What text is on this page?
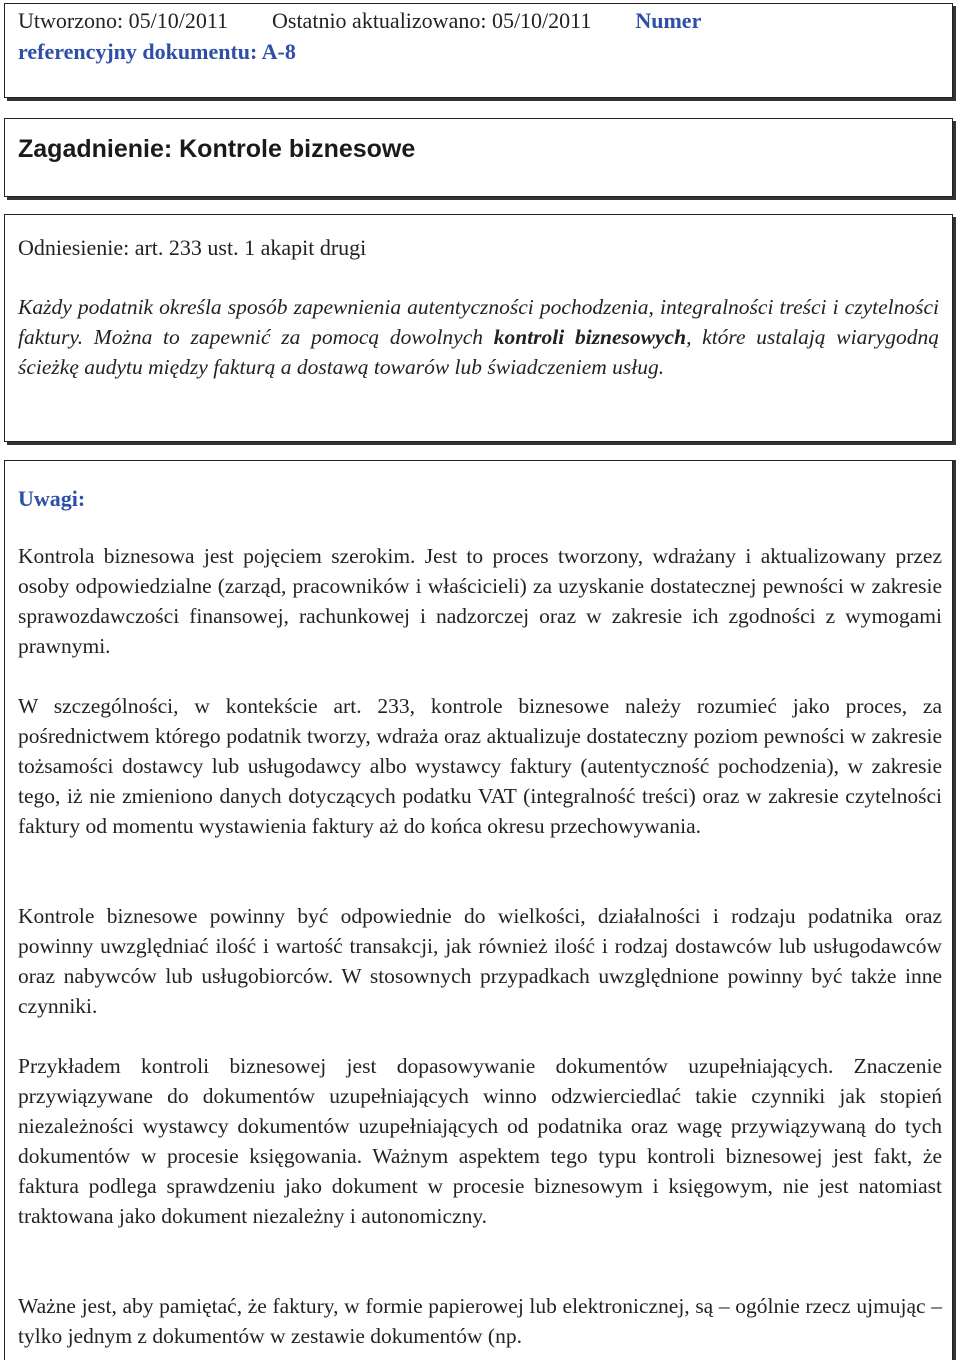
Utworzono: 05/10/2011 Ostatnio aktualizowano: 05/10/2011 Numer
referencyjny dokumentu: A-8
Zagadnienie: Kontrole biznesowe
Odniesienie: art. 233 ust. 1 akapit drugi

Każdy podatnik określa sposób zapewnienia autentyczności pochodzenia, integralności treści i czytelności faktury. Można to zapewnić za pomocą dowolnych kontroli biznesowych, które ustalają wiarygodną ścieżkę audytu między fakturą a dostawą towarów lub świadczeniem usług.

Uwagi:

Kontrola biznesowa jest pojęciem szerokim. Jest to proces tworzony, wdrażany i aktualizowany przez osoby odpowiedzialne (zarząd, pracowników i właścicieli) za uzyskanie dostatecznej pewności w zakresie sprawozdawczości finansowej, rachunkowej i nadzorczej oraz w zakresie ich zgodności z wymogami prawnymi.

W szczególności, w kontekście art. 233, kontrole biznesowe należy rozumieć jako proces, za pośrednictwem którego podatnik tworzy, wdraża oraz aktualizuje dostateczny poziom pewności w zakresie tożsamości dostawcy lub usługodawcy albo wystawcy faktury (autentyczność pochodzenia), w zakresie tego, iż nie zmieniono danych dotyczących podatku VAT (integralność treści) oraz w zakresie czytelności faktury od momentu wystawienia faktury aż do końca okresu przechowywania.

Kontrole biznesowe powinny być odpowiednie do wielkości, działalności i rodzaju podatnika oraz powinny uwzględniać ilość i wartość transakcji, jak również ilość i rodzaj dostawców lub usługodawców oraz nabywców lub usługobiorców. W stosownych przypadkach uwzględnione powinny być także inne czynniki.

Przykładem kontroli biznesowej jest dopasowywanie dokumentów uzupełniających. Znaczenie przywiązywane do dokumentów uzupełniających winno odzwierciedlać takie czynniki jak stopień niezależności wystawcy dokumentów uzupełniających od podatnika oraz wagę przywiązywaną do tych dokumentów w procesie księgowania. Ważnym aspektem tego typu kontroli biznesowej jest fakt, że faktura podlega sprawdzeniu jako dokument w procesie biznesowym i księgowym, nie jest natomiast traktowana jako dokument niezależny i autonomiczny.

Ważne jest, aby pamiętać, że faktury, w formie papierowej lub elektronicznej, są – ogólnie rzecz ujmując – tylko jednym z dokumentów w zestawie dokumentów (np.
